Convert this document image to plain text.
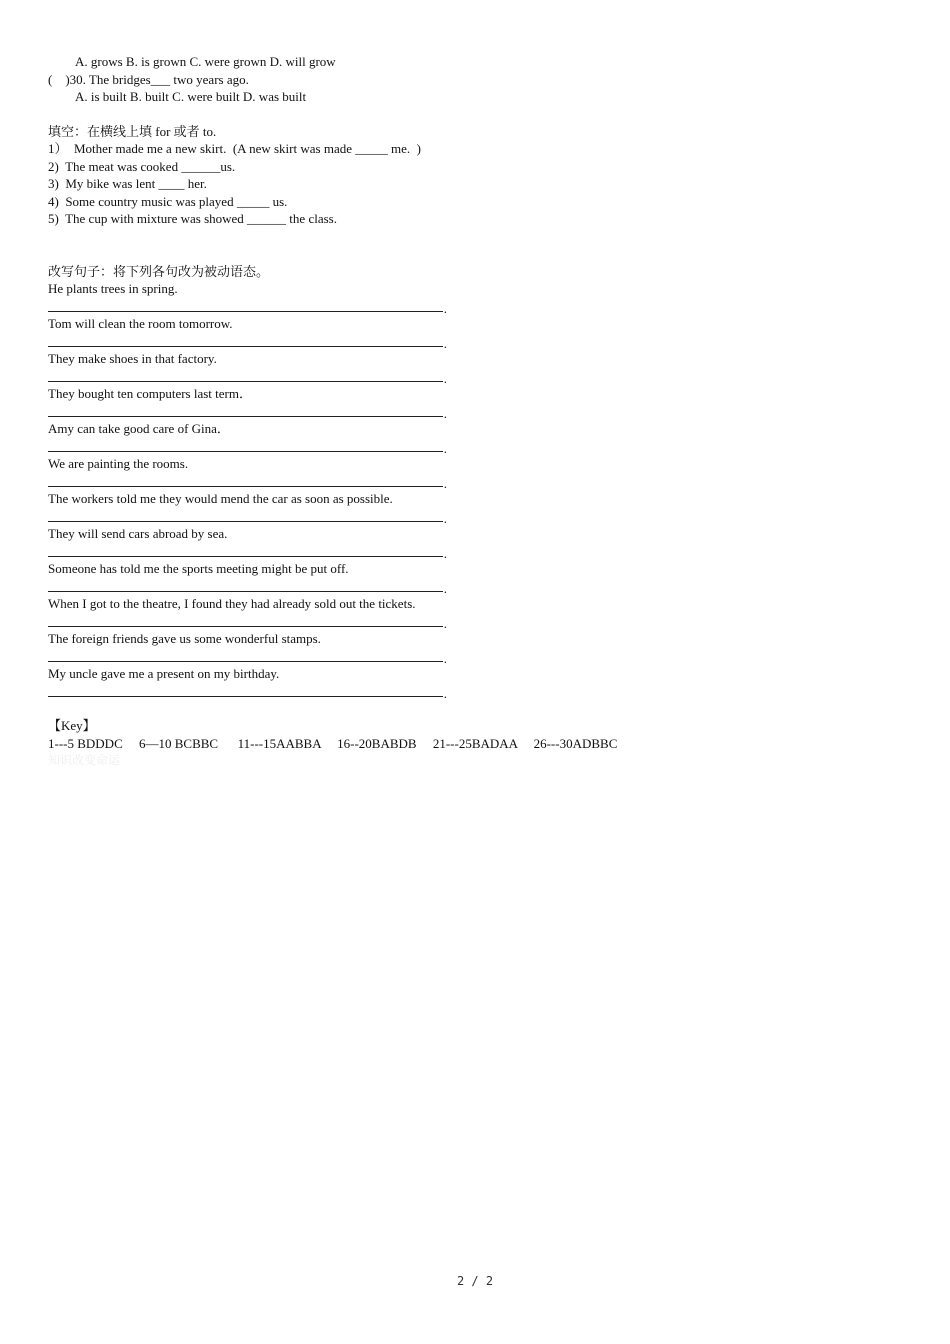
A. grows B. is grown C. were grown D. will grow
(    )30. The bridges___ two years ago.
A. is built B. built C. were built D. was built
填空：在横线上填 for 或者 to.
1）  Mother made me a new skirt.  (A new skirt was made _____ me.  )
2)  The meat was cooked ______us.
3)  My bike was lent ____ her.
4)  Some country music was played _____ us.
5)  The cup with mixture was showed ______ the class.
改写句子：将下列各句改为被动语态。
He plants trees in spring.
.
Tom will clean the room tomorrow.
.
They make shoes in that factory.
.
They bought ten computers last term．
.
Amy can take good care of Gina．
.
We are painting the rooms.
.
The workers told me they would mend the car as soon as possible.
.
They will send cars abroad by sea.
.
Someone has told me the sports meeting might be put off.
.
When I got to the theatre, I found they had already sold out the tickets.
.
The foreign friends gave us some wonderful stamps.
.
My uncle gave me a present on my birthday.
.
【Key】
1---5 BDDDC     6—10 BCBBC      11---15AABBA     16--20BABDB     21---25BADAA     26---30ADBBC
知识改变命运
2 / 2
